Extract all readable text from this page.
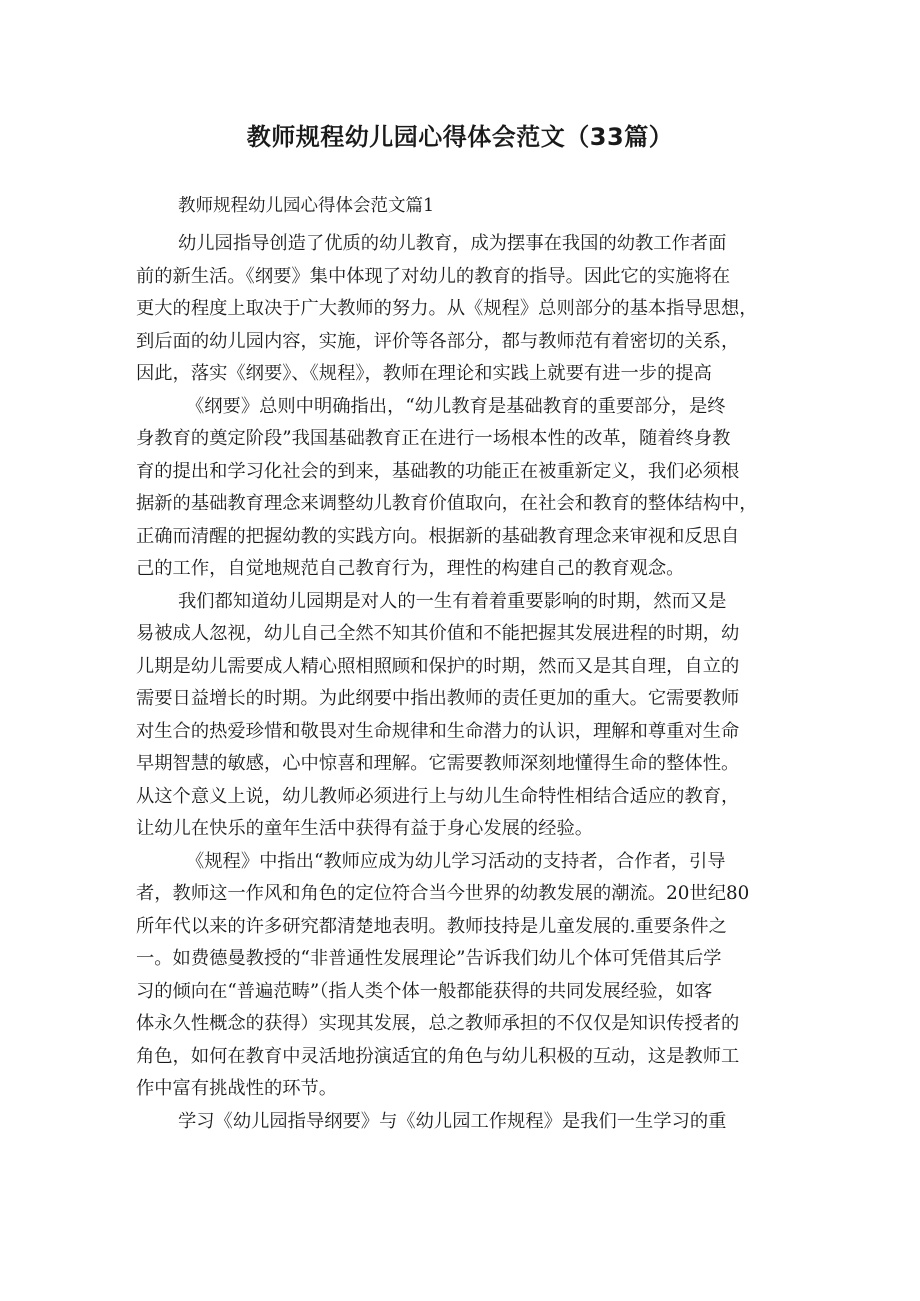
教师规程幼儿园心得体会范文（33篇）
教师规程幼儿园心得体会范文篇1
幼儿园指导创造了优质的幼儿教育，成为摆事在我国的幼教工作者面
前的新生活。《纲要》集中体现了对幼儿的教育的指导。因此它的实施将在
更大的程度上取决于广大教师的努力。从《规程》总则部分的基本指导思想，
到后面的幼儿园内容，实施，评价等各部分，都与教师范有着密切的关系，
因此，落实《纲要》、《规程》，教师在理论和实践上就要有进一步的提高
《纲要》总则中明确指出，“幼儿教育是基础教育的重要部分，是终
身教育的奠定阶段”我国基础教育正在进行一场根本性的改革，随着终身教
育的提出和学习化社会的到来，基础教的功能正在被重新定义，我们必须根
据新的基础教育理念来调整幼儿教育价值取向，在社会和教育的整体结构中，
正确而清醒的把握幼教的实践方向。根据新的基础教育理念来审视和反思自
己的工作，自觉地规范自己教育行为，理性的构建自己的教育观念。
我们都知道幼儿园期是对人的一生有着着重要影响的时期，然而又是
易被成人忽视，幼儿自己全然不知其价值和不能把握其发展进程的时期，幼
儿期是幼儿需要成人精心照相照顾和保护的时期，然而又是其自理，自立的
需要日益增长的时期。为此纲要中指出教师的责任更加的重大。它需要教师
对生合的热爱珍惜和敬畏对生命规律和生命潜力的认识，理解和尊重对生命
早期智慧的敏感，心中惊喜和理解。它需要教师深刻地懂得生命的整体性。
从这个意义上说，幼儿教师必须进行上与幼儿生命特性相结合适应的教育，
让幼儿在快乐的童年生活中获得有益于身心发展的经验。
《规程》中指出“教师应成为幼儿学习活动的支持者，合作者，引导
者，教师这一作风和角色的定位符合当今世界的幼教发展的潮流。20世纪80
所年代以来的许多研究都清楚地表明。教师技持是儿童发展的.重要条件之
一。如费德曼教授的“非普通性发展理论”告诉我们幼儿个体可凭借其后学
习的倾向在“普遍范畴”（指人类个体一般都能获得的共同发展经验，如客
体永久性概念的获得）实现其发展，总之教师承担的不仅仅是知识传授者的
角色，如何在教育中灵活地扮演适宜的角色与幼儿积极的互动，这是教师工
作中富有挑战性的环节。
学习《幼儿园指导纲要》与《幼儿园工作规程》是我们一生学习的重
